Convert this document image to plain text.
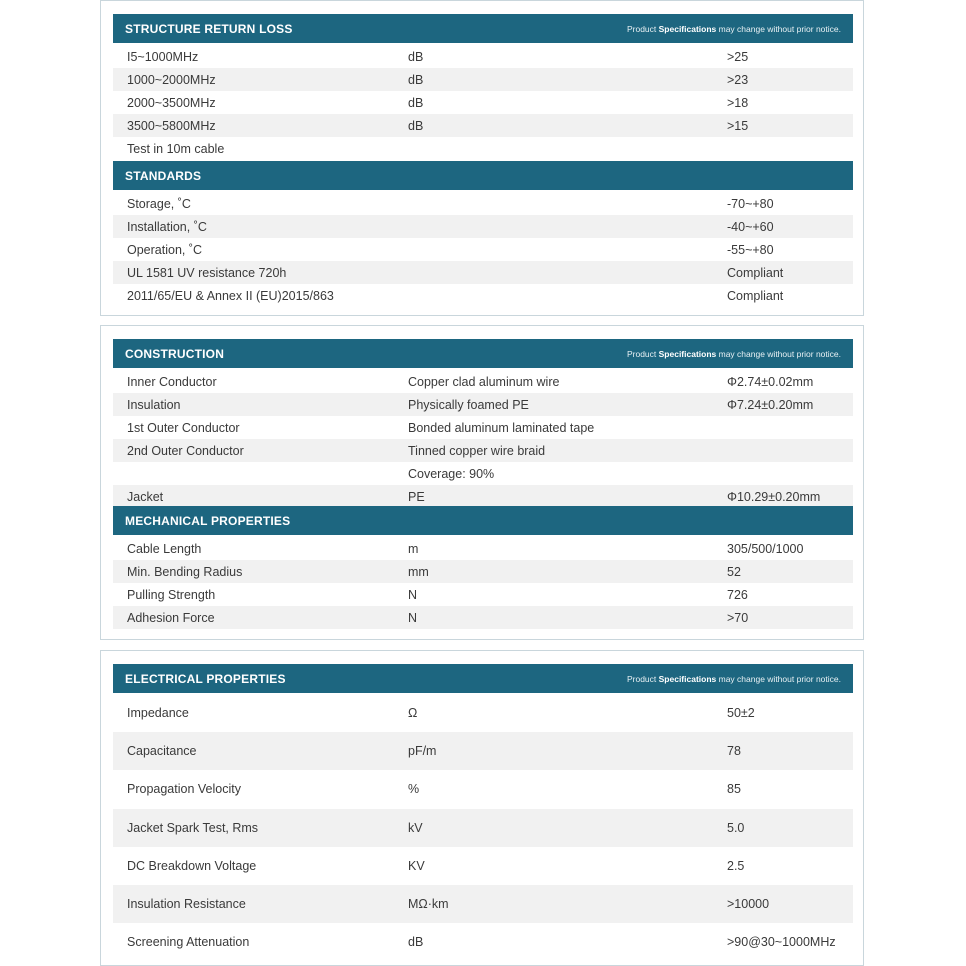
STRUCTURE RETURN LOSS	Product Specifications may change without prior notice.
I5~1000MHz	dB	>25
1000~2000MHz	dB	>23
2000~3500MHz	dB	>18
3500~5800MHz	dB	>15
Test in 10m cable
STANDARDS
Storage, ˚C	-70~+80
Installation, ˚C	-40~+60
Operation, ˚C	-55~+80
UL 1581 UV resistance 720h	Compliant
2011/65/EU & Annex II (EU)2015/863	Compliant
CONSTRUCTION	Product Specifications may change without prior notice.
Inner Conductor	Copper clad aluminum wire	Φ2.74±0.02mm
Insulation	Physically foamed PE	Φ7.24±0.20mm
1st Outer Conductor	Bonded aluminum laminated tape
2nd Outer Conductor	Tinned copper wire braid
Coverage: 90%
Jacket	PE	Φ10.29±0.20mm
MECHANICAL PROPERTIES
Cable Length	m	305/500/1000
Min. Bending Radius	mm	52
Pulling Strength	N	726
Adhesion Force	N	>70
ELECTRICAL PROPERTIES	Product Specifications may change without prior notice.
Impedance	Ω	50±2
Capacitance	pF/m	78
Propagation Velocity	%	85
Jacket Spark Test, Rms	kV	5.0
DC Breakdown Voltage	KV	2.5
Insulation Resistance	MΩ·km	>10000
Screening Attenuation	dB	>90@30~1000MHz
